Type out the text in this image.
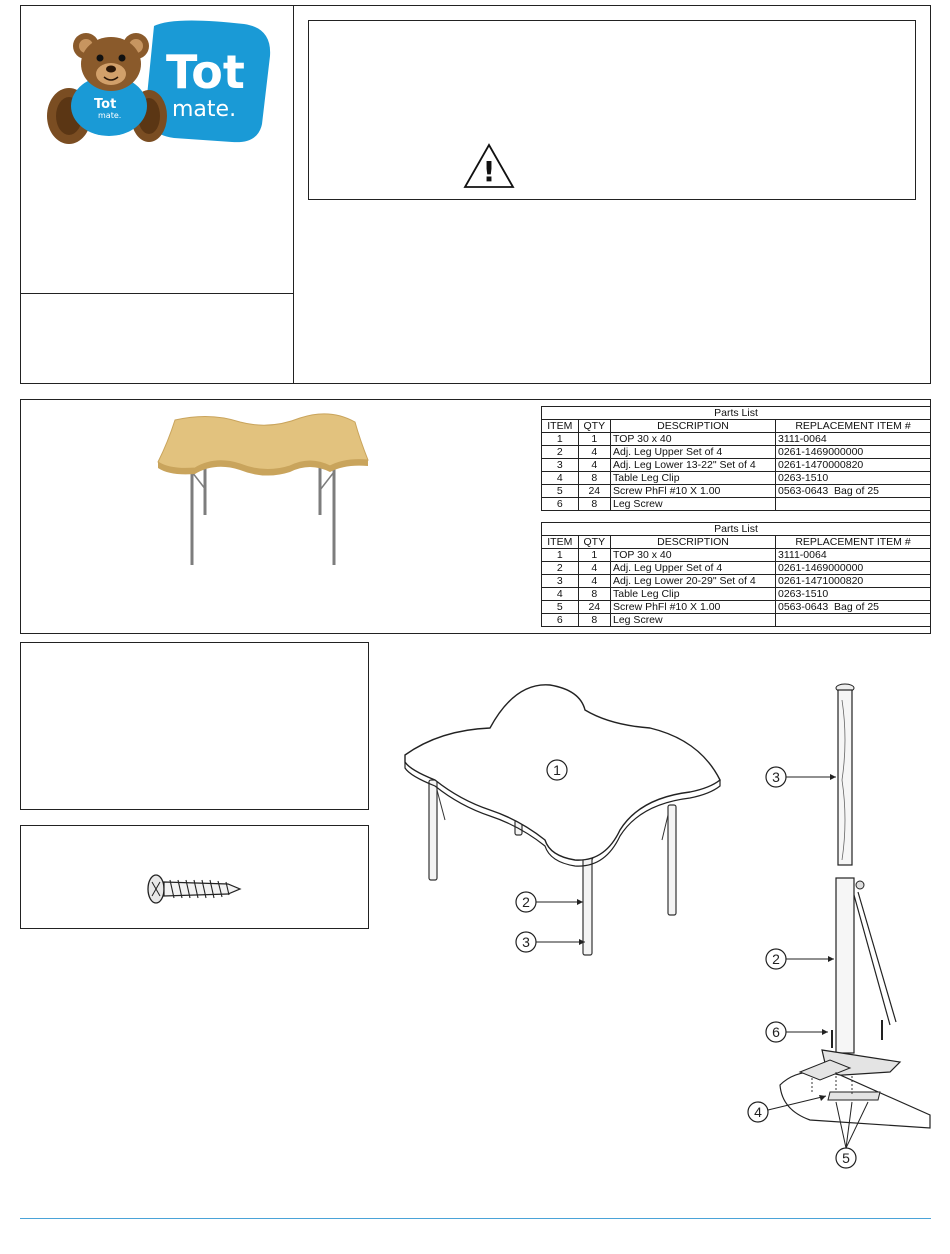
Tot
mate.
Tot
mate.
!
Parts List			
ITEM	QTY	DESCRIPTION	REPLACEMENT ITEM #
1	1	TOP 30 x 40	3111-0064
2	4	Adj. Leg Upper Set of 4	0261-1469000000
3	4	Adj. Leg Lower 13-22" Set of 4	0261-1470000820
4	8	Table Leg Clip	0263-1510
5	24	Screw PhFl #10 X 1.00	0563-0643  Bag of 25
6	8	Leg Screw	
Parts List			
ITEM	QTY	DESCRIPTION	REPLACEMENT ITEM #
1	1	TOP 30 x 40	3111-0064
2	4	Adj. Leg Upper Set of 4	0261-1469000000
3	4	Adj. Leg Lower 20-29" Set of 4	0261-1471000820
4	8	Table Leg Clip	0263-1510
5	24	Screw PhFl #10 X 1.00	0563-0643  Bag of 25
6	8	Leg Screw	
1
2
3
3
2
6
4
5
